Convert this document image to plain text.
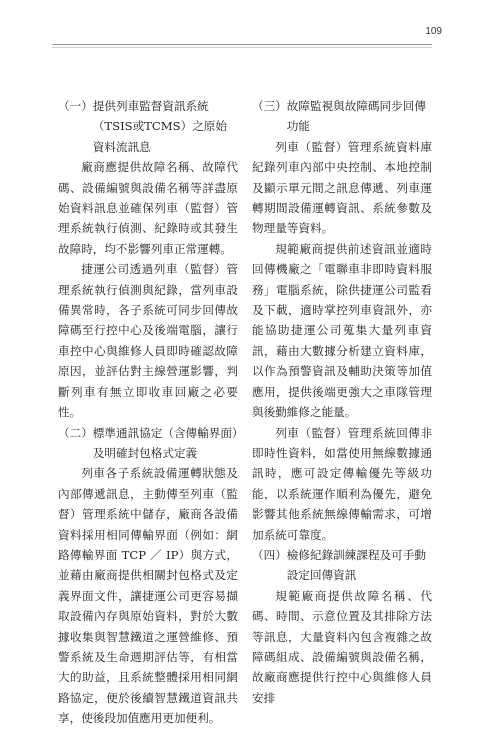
109

（一） 提供列車監督資訊系統（TSIS或TCMS）之原始資料流訊息

廠商應提供故障名稱、故障代碼、設備編號與設備名稱等詳盡原始資料訊息並確保列車（監督）管理系統執行偵測、紀錄時或其發生故障時，均不影響列車正常運轉。

捷運公司透過列車（監督）管理系統執行偵測與紀錄，當列車設備異常時，各子系統可同步回傳故障碼至行控中心及後端電腦，讓行車控中心與維修人員即時確認故障原因，並評估對主線營運影響，判斷列車有無立即收車回廠之必要性。

（二） 標準通訊協定（含傳輸界面）及明確封包格式定義

列車各子系統設備運轉狀態及內部傳遞訊息，主動傳至列車（監督）管理系統中儲存，廠商各設備資料採用相同傳輸界面（例如：網路傳輸界面 TCP ／ IP）與方式，並藉由廠商提供相關封包格式及定義界面文件，讓捷運公司更容易擷取設備內存與原始資料，對於大數據收集與智慧鐵道之運營維修、預警系統及生命週期評估等，有相當大的助益，且系統整體採用相同網路協定，便於後續智慧鐵道資訊共享，使後段加值應用更加便利。

（三） 故障監視與故障碼同步回傳功能

列車（監督）管理系統資料庫紀錄列車內部中央控制、本地控制及顯示單元間之訊息傳遞、列車運轉期間設備運轉資訊、系統參數及物理量等資料。

規範廠商提供前述資訊並適時回傳機廠之「電聯車非即時資料服務」電腦系統，除供捷運公司監看及下載，適時掌控列車資訊外，亦能協助捷運公司蒐集大量列車資訊，藉由大數據分析建立資料庫，以作為預警資訊及輔助決策等加值應用，提供後端更強大之車隊管理與後勤維修之能量。

列車（監督）管理系統回傳非即時性資料，如當使用無線數據通訊時，應可設定傳輸優先等級功能，以系統運作順利為優先，避免影響其他系統無線傳輸需求，可增加系統可靠度。

（四） 檢修紀錄訓練課程及可手動設定回傳資訊

規範廠商提供故障名稱、代碼、時間、示意位置及其排除方法等訊息，大量資料內包含複雜之故障碼組成、設備編號與設備名稱，故廠商應提供行控中心與維修人員安排
